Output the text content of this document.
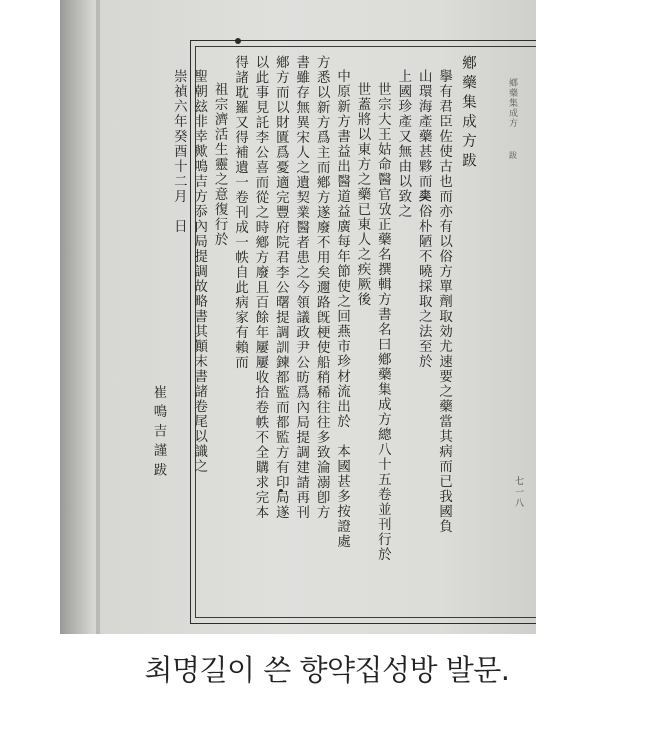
鄕藥集成方
跋
七一八
鄕藥集成方跋
擧有君臣佐使古也而亦有以俗方單劑取効尤速要之藥當其病而已我國負
山環海產藥甚夥而𠁊俗朴陋不曉採取之法至於
上國珍產又無由以致之
世宗大王姑命醫官攷正藥名撰輯方書名曰鄕藥集成方總八十五卷並刊行於
世蓋將以東方之藥已東人之疾厥後
中原新方書益出醫道益廣每年節使之回燕市珍材流出於　本國甚多按證處
方悉以新方爲主而鄕方遂廢不用矣邇路旣梗使船稍稀往往多致淪溺卽方
書雖存無異宋人之遺契業醫者患之今領議政尹公昉爲內局提調建請再刊
鄕方而以財匱爲憂適完豐府院君李公曙提調訓鍊都監而都監方有印局遂
以此事見託李公喜而從之時鄕方廢且百餘年屢屢收拾卷帙不全購求完本
得諸耽羅又得補遺一卷刊成一帙自此病家有賴而
祖宗濟活生靈之意復行於
聖朝玆非幸歟鳴吉方忝內局提調故略書其顚末書諸卷尾以識之
崇禎六年癸酉十二月　日
崔鳴吉謹跋
최명길이 쓴 향약집성방 발문.
